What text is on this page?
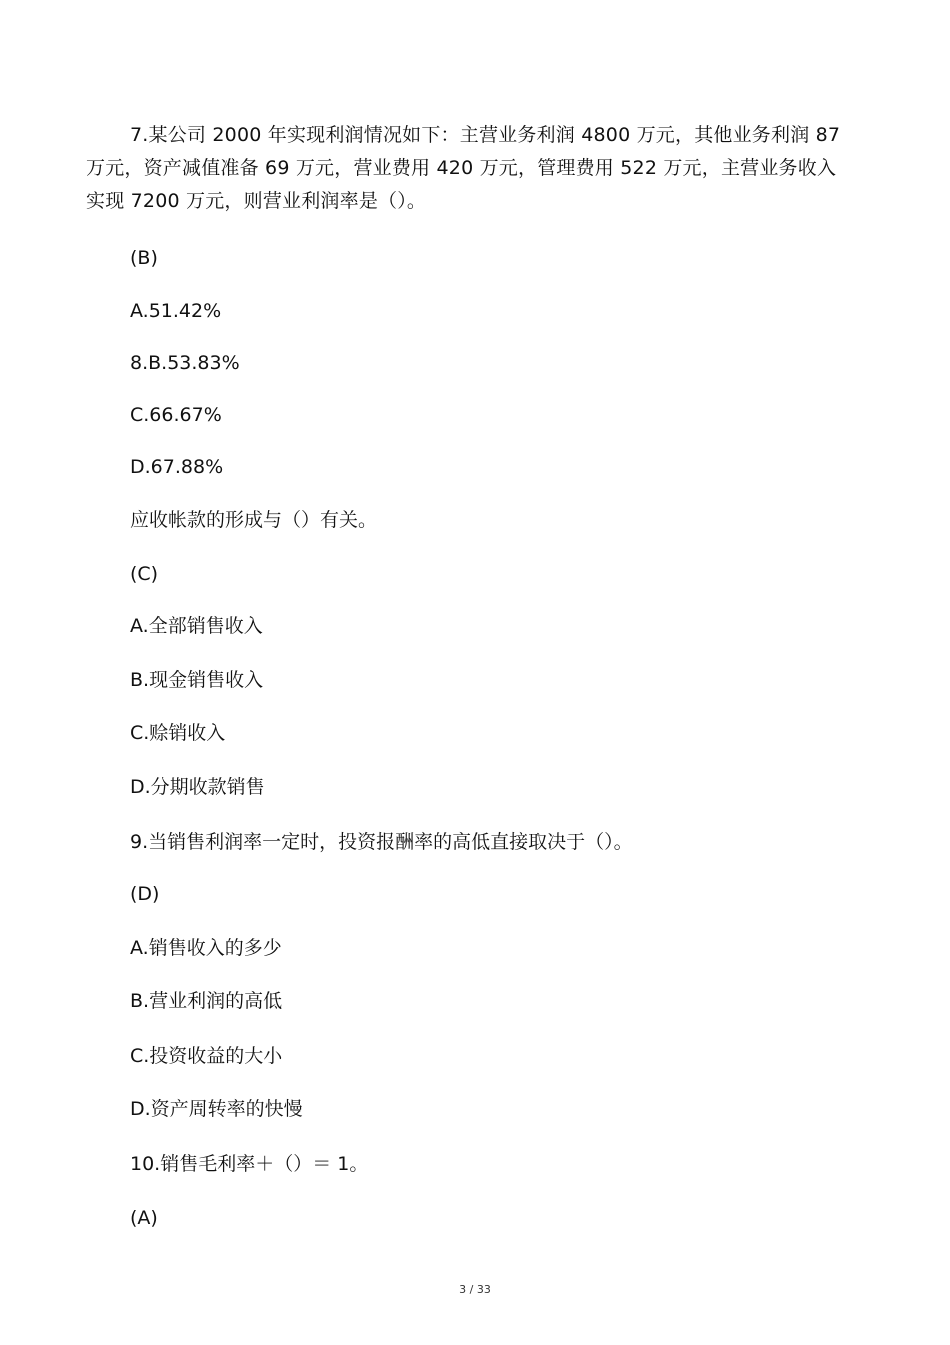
7.某公司 2000 年实现利润情况如下：主营业务利润 4800 万元，其他业务利润 87 万元，资产减值准备 69 万元，营业费用 420 万元，管理费用 522 万元，主营业务收入实现 7200 万元，则营业利润率是（）。

(B)

A.51.42%

8.B.53.83%

C.66.67%

D.67.88%

应收帐款的形成与（）有关。

(C)

A.全部销售收入

B.现金销售收入

C.赊销收入

D.分期收款销售

9.当销售利润率一定时，投资报酬率的高低直接取决于（）。

(D)

A.销售收入的多少

B.营业利润的高低

C.投资收益的大小

D.资产周转率的快慢

10.销售毛利率＋（）＝ 1。

(A)

3 / 33
